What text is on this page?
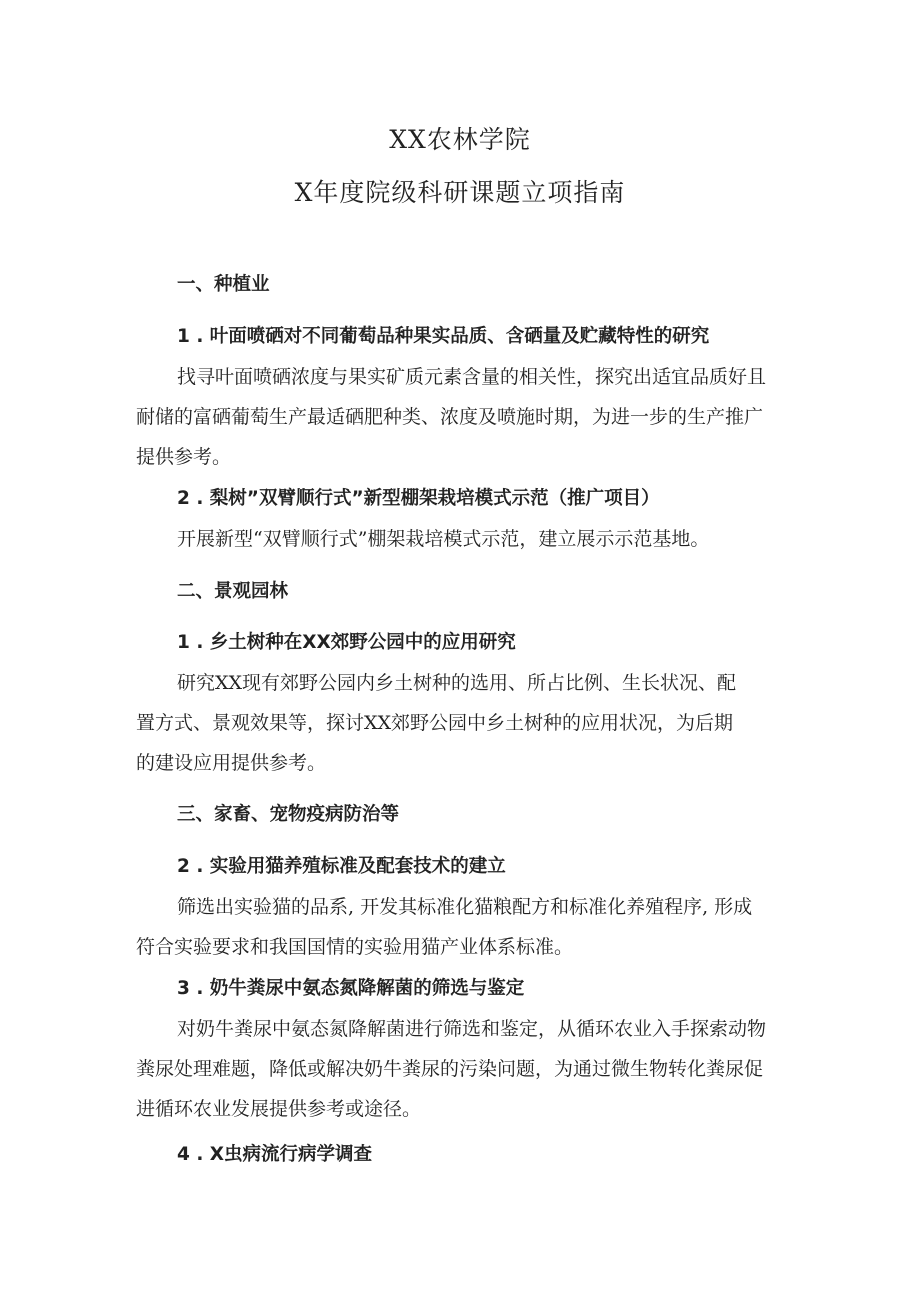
XX农林学院
X年度院级科研课题立项指南
一、种植业
1 . 叶面喷硒对不同葡萄品种果实品质、含硒量及贮藏特性的研究
找寻叶面喷硒浓度与果实矿质元素含量的相关性，探究出适宜品质好且
耐储的富硒葡萄生产最适硒肥种类、浓度及喷施时期，为进一步的生产推广
提供参考。
2 . 梨树”双臂顺行式”新型棚架栽培模式示范（推广项目）
开展新型“双臂顺行式”棚架栽培模式示范，建立展示示范基地。
二、景观园林
1 . 乡土树种在XX郊野公园中的应用研究
研究XX现有郊野公园内乡土树种的选用、所占比例、生长状况、配
置方式、景观效果等，探讨XX郊野公园中乡土树种的应用状况，为后期
的建设应用提供参考。
三、家畜、宠物疫病防治等
2 . 实验用猫养殖标准及配套技术的建立
筛选出实验猫的品系, 开发其标准化猫粮配方和标准化养殖程序, 形成
符合实验要求和我国国情的实验用猫产业体系标准。
3 . 奶牛粪尿中氨态氮降解菌的筛选与鉴定
对奶牛粪尿中氨态氮降解菌进行筛选和鉴定，从循环农业入手探索动物
粪尿处理难题，降低或解决奶牛粪尿的污染问题，为通过微生物转化粪尿促
进循环农业发展提供参考或途径。
4 . X虫病流行病学调查
